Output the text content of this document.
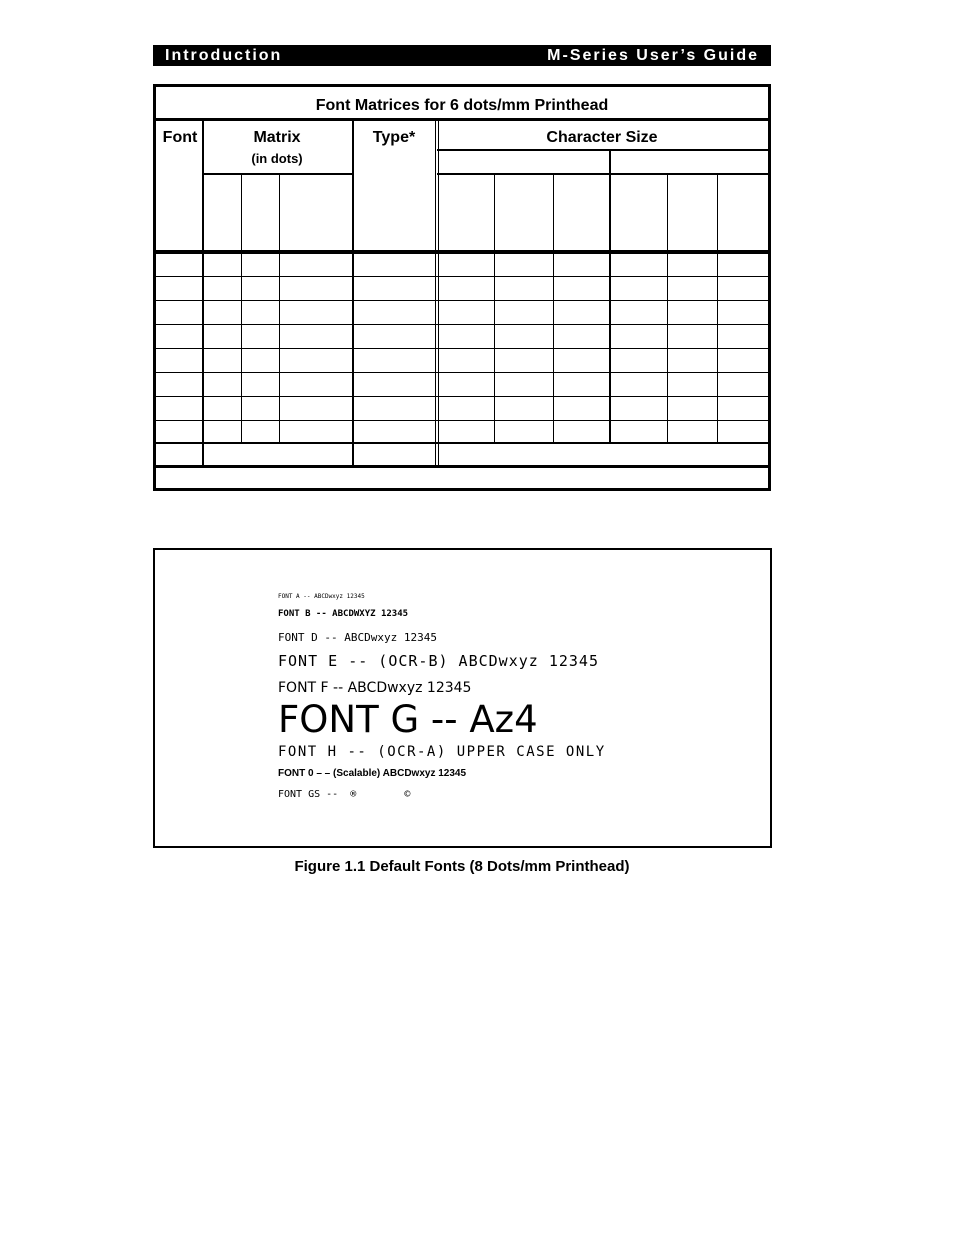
Introduction	M-Series User’s Guide
Font Matrices for 6 dots/mm Printhead
Font	Matrix
(in dots)
Type*	Character Size
FONT A -- ABCDwxyz 12345
FONT B -- ABCDWXYZ 12345
FONT D -- ABCDwxyz 12345
FONT E -- (OCR-B) ABCDwxyz 12345
FONT F -- ABCDwxyz 12345
FONT G -- Az4
FONT H -- (OCR-A) UPPER CASE ONLY
FONT 0 – – (Scalable) ABCDwxyz 12345
FONT GS --  ®        ©
Figure 1.1 Default Fonts (8 Dots/mm Printhead)
